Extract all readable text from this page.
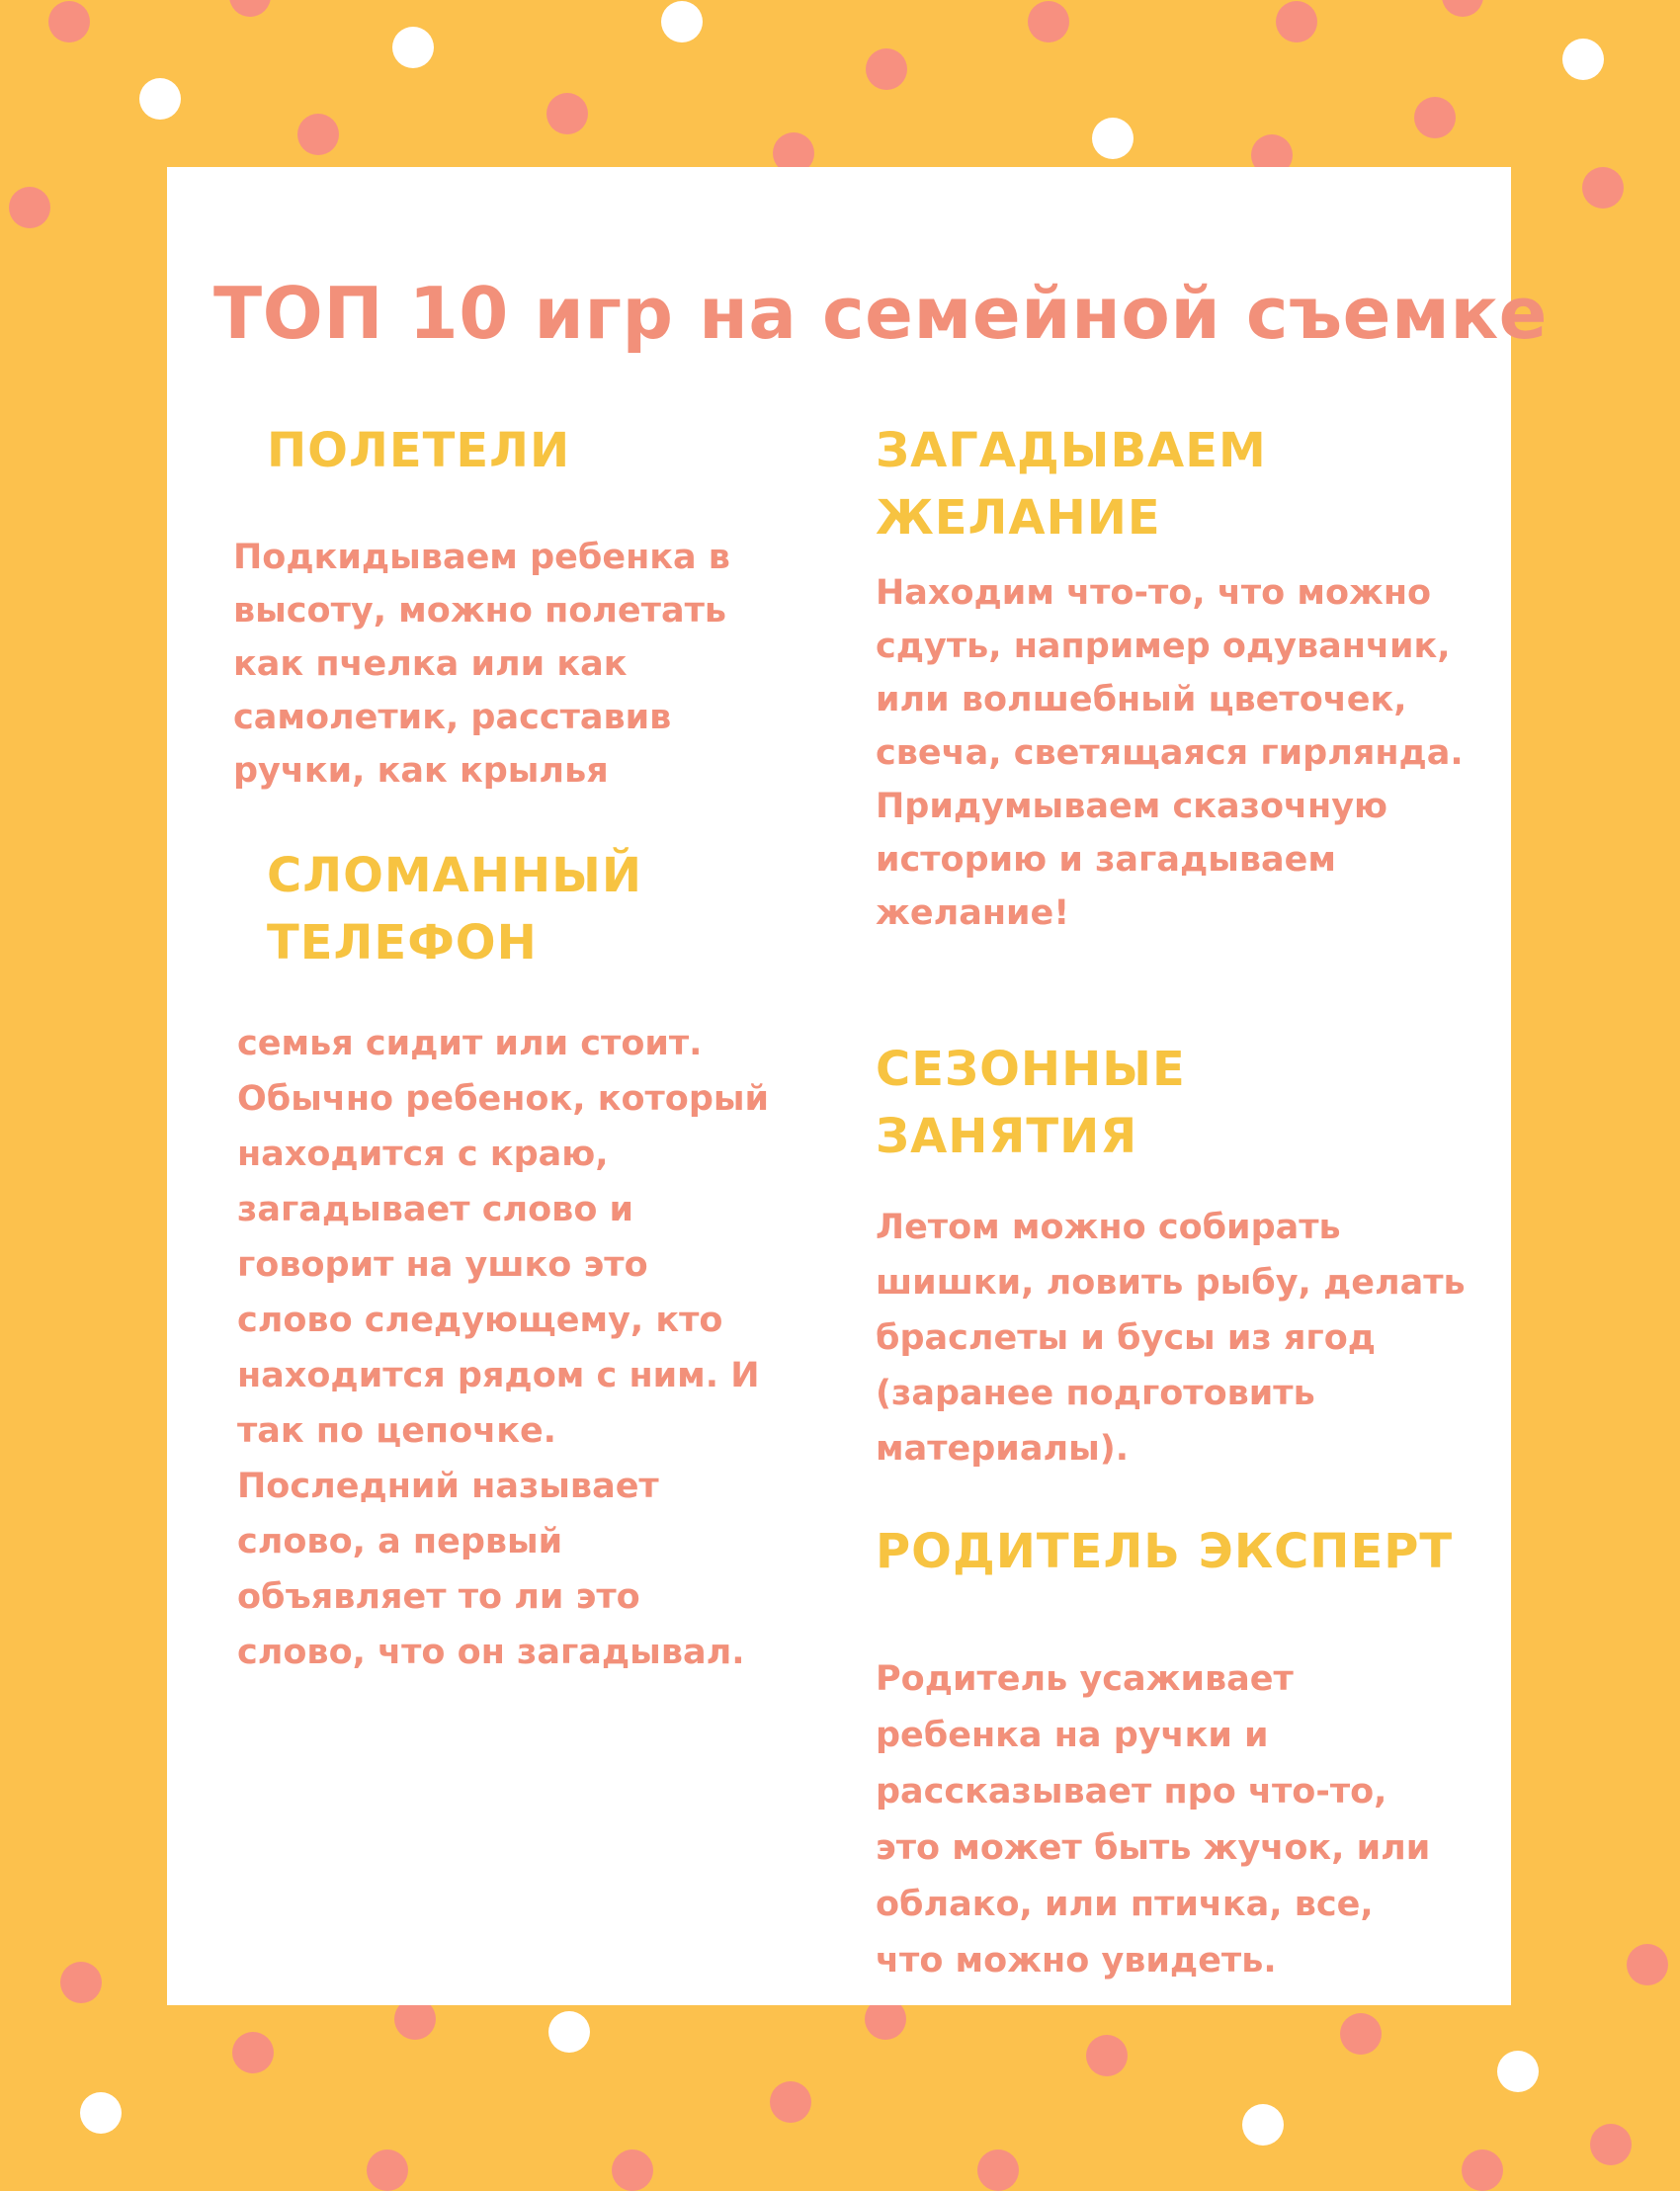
ТОП 10 игр на семейной съемке
ПОЛЕТЕЛИ

Подкидываем ребенка в
высоту, можно полетать
как пчелка или как
самолетик, расставив
ручки, как крылья

СЛОМАННЫЙ
ТЕЛЕФОН

семья сидит или стоит.
Обычно ребенок, который
находится с краю,
загадывает слово и
говорит на ушко это
слово следующему, кто
находится рядом с ним. И
так по цепочке.
Последний называет
слово, а первый
объявляет то ли это
слово, что он загадывал.

ЗАГАДЫВАЕМ
ЖЕЛАНИЕ

Находим что-то, что можно
сдуть, например одуванчик,
или волшебный цветочек,
свеча, светящаяся гирлянда.
Придумываем сказочную
историю и загадываем
желание!

СЕЗОННЫЕ
ЗАНЯТИЯ

Летом можно собирать
шишки, ловить рыбу, делать
браслеты и бусы из ягод
(заранее подготовить
материалы).

РОДИТЕЛЬ ЭКСПЕРТ

Родитель усаживает
ребенка на ручки и
рассказывает про что-то,
это может быть жучок, или
облако, или птичка, все,
что можно увидеть.
